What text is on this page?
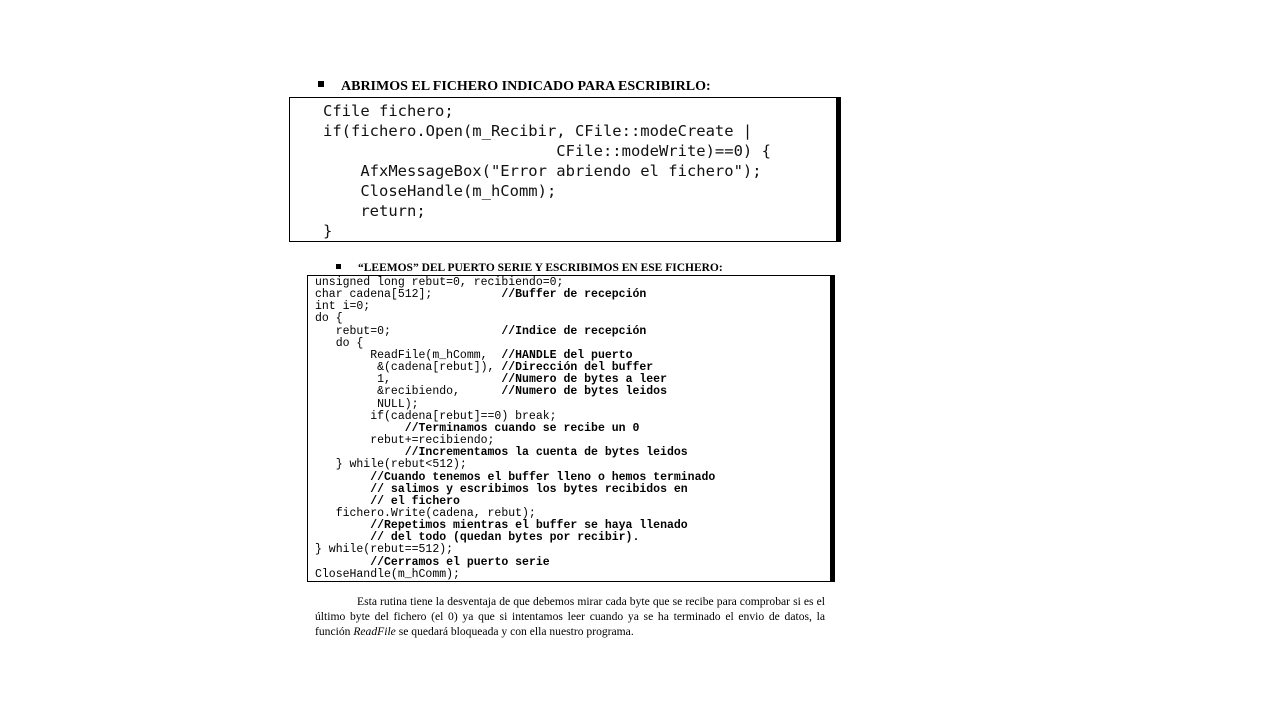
ABRIMOS EL FICHERO INDICADO PARA ESCRIBIRLO:
Cfile fichero;
if(fichero.Open(m_Recibir, CFile::modeCreate |
CFile::modeWrite)==0) {
AfxMessageBox("Error abriendo el fichero");
CloseHandle(m_hComm);
return;
}
“LEEMOS” DEL PUERTO SERIE Y ESCRIBIMOS EN ESE FICHERO:
unsigned long rebut=0, recibiendo=0;
char cadena[512];          //Buffer de recepción
int i=0;
do {
rebut=0;                //Indice de recepción
do {
ReadFile(m_hComm,  //HANDLE del puerto
&(cadena[rebut]), //Dirección del buffer
1,                //Numero de bytes a leer
&recibiendo,      //Numero de bytes leidos
NULL);
if(cadena[rebut]==0) break;
//Terminamos cuando se recibe un 0
rebut+=recibiendo;
//Incrementamos la cuenta de bytes leidos
} while(rebut<512);
//Cuando tenemos el buffer lleno o hemos terminado
// salimos y escribimos los bytes recibidos en
// el fichero
fichero.Write(cadena, rebut);
//Repetimos mientras el buffer se haya llenado
// del todo (quedan bytes por recibir).
} while(rebut==512);
//Cerramos el puerto serie
CloseHandle(m_hComm);
Esta rutina tiene la desventaja de que debemos mirar cada byte que se recibe para comprobar si es el último byte del fichero (el 0) ya que si intentamos leer cuando ya se ha terminado el envio de datos, la función ReadFile se quedará bloqueada y con ella nuestro programa.
